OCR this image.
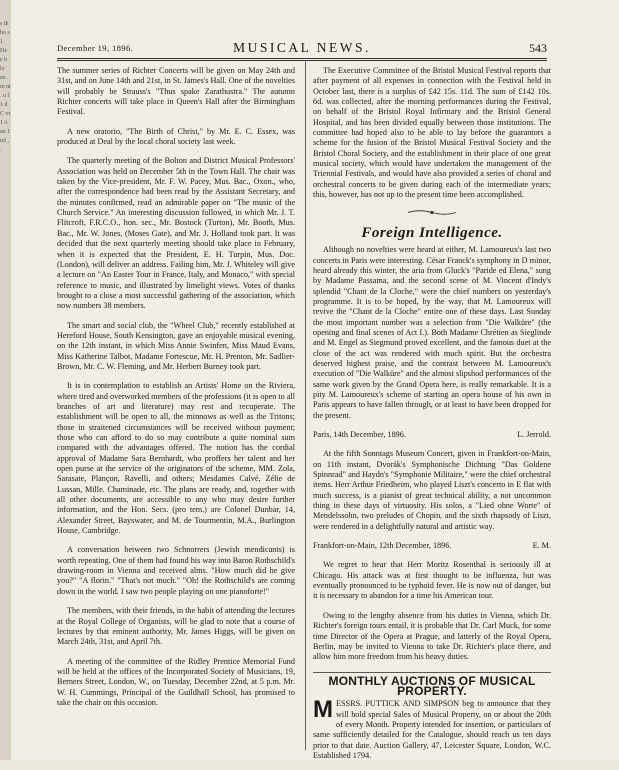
s th ho s 1 De e b lo ne . m nt . u f 1 d C or 1 o an 1 nd , .
December 19, 1896.	MUSICAL NEWS.	543

The summer series of Richter Concerts will be given on May 24th and 31st, and on June 14th and 21st, in St. James's Hall. One of the novelties will probably be Strauss's "Thus spake Zarathustra." The autumn Richter concerts will take place in Queen's Hall after the Birmingham Festival.

A new oratorio, "The Birth of Christ," by Mr. E. C. Essex, was produced at Deal by the local choral society last week.

The quarterly meeting of the Bolton and District Musical Professors' Association was held on December 5th in the Town Hall. The chair was taken by the Vice-president, Mr. F. W. Pacey, Mus. Bac., Oxon., who, after the correspondence had been read by the Assistant Secretary, and the minutes confirmed, read an admirable paper on "The music of the Church Service." An interesting discussion followed, in which Mr. J. T. Flitcroft, F.R.C.O., hon. sec., Mr. Bostock (Turton), Mr. Booth, Mus. Bac., Mr. W. Jones, (Moses Gate), and Mr. J. Holland took part. It was decided that the next quarterly meeting should take place in February, when it is expected that the President, E. H. Turpin, Mus. Doc. (London), will deliver an address. Failing him, Mr. J. Whiteley will give a lecture on "An Easter Tour in France, Italy, and Monaco," with special reference to music, and illustrated by limelight views. Votes of thanks brought to a close a most successful gathering of the association, which now numbers 38 members.

The smart and social club, the "Wheel Club," recently established at Hereford House, South Kensington, gave an enjoyable musical evening, on the 12th instant, in which Miss Annie Swinfen, Miss Maud Evans, Miss Katherine Talbot, Madame Fortescue, Mr. H. Prenton, Mr. Sadlier-Brown, Mr. C. W. Fleming, and Mr. Herbert Burney took part.

It is in contemplation to establish an Artists' Home on the Riviera, where tired and overworked members of the professions (it is open to all branches of art and literature) may rest and recuperate. The establishment will be open to all, the minnows as well as the Tritons; those in straitened circumstances will be received without payment; those who can afford to do so may contribute a quite nominal sum compared with the advantages offered. The notion has the cordial approval of Madame Sara Bernhardt, who proffers her talent and her open purse at the service of the originators of the scheme, MM. Zola, Sarasate, Plançon, Ravelli, and others; Mesdames Calvé, Zélie de Lussan, Mille. Chaminade, etc. The plans are ready, and, together with all other documents, are accessible to any who may desire further information, and the Hon. Secs. (pro tem.) are Colonel Dunbar, 14, Alexander Street, Bayswater, and M. de Tourmentin, M.A., Burlington House, Cambridge.

A conversation between two Schnorrers (Jewish mendicants) is worth repeating. One of them had found his way into Baron Rothschild's drawing-room in Vienna and received alms. "How much did he give you?" "A florin." "That's not much." "Oh! the Rothschild's are coming down in the world. I saw two people playing on one pianoforte!"

The members, with their friends, in the habit of attending the lectures at the Royal College of Organists, will be glad to note that a course of lectures by that eminent authority, Mr. James Higgs, will be given on March 24th, 31st, and April 7th.

A meeting of the committee of the Ridley Prentice Memorial Fund will be held at the offices of the Incorporated Society of Musicians, 19, Berners Street, London, W., on Tuesday, December 22nd, at 5 p.m. Mr. W. H. Cummings, Principal of the Guildhall School, has promised to take the chair on this occasion.

The Executive Committee of the Bristol Musical Festival reports that after payment of all expenses in connection with the Festival held in October last, there is a surplus of £42 15s. 11d. The sum of £142 10s. 6d. was collected, after the morning performances during the Festival, on behalf of the Bristol Royal Infirmary and the Bristol General Hospital, and has been divided equally between those institutions. The committee had hoped also to be able to lay before the guarantors a scheme for the fusion of the Bristol Musical Festival Society and the Bristol Choral Society, and the establishment in their place of one great musical society, which would have undertaken the management of the Triennial Festivals, and would have also provided a series of choral and orchestral concerts to be given during each of the intermediate years; this, however, has not up to the present time been accomplished.

Foreign Intelligence.

Although no novelties were heard at either, M. Lamoureux's last two concerts in Paris were interesting. César Franck's symphony in D minor, heard already this winter, the aria from Gluck's "Paride ed Elena," sung by Madame Passama, and the second scene of M. Vincent d'Indy's splendid "Chant de la Cloche," were the chief numbers on yesterday's programme. It is to be hoped, by the way, that M. Lamoureux will revive the "Chant de la Cloche" entire one of these days. Last Sunday the most important number was a selection from "Die Walküre" (the opening and final scenes of Act I.). Both Madame Chrétien as Sieglinde and M. Engel as Siegmund proved excellent, and the famous duet at the close of the act was rendered with much spirit. But the orchestra deserved highest praise, and the contrast between M. Lamoureux's execution of "Die Walküre" and the almost slipshod performances of the same work given by the Grand Opera here, is really remarkable. It is a pity M. Lamoureux's scheme of starting an opera house of his own in Paris appears to have fallen through, or at least to have been dropped for the present.

Paris, 14th December, 1896.	L. Jerrold.

At the fifth Sonntags Museum Concert, given in Frankfort-on-Main, on 11th instant, Dvorák's Symphonische Dichtung "Das Goldene Spinnrad" and Haydn's "Symphonie Militaire," were the chief orchestral items. Herr Arthur Friedheim, who played Liszt's concerto in E flat with much success, is a pianist of great technical ability, a not uncommon thing in these days of virtuosity. His solos, a "Lied ohne Worte" of Mendelssohn, two preludes of Chopin, and the sixth rhapsody of Liszt, were rendered in a delightfully natural and artistic way.

Frankfort-on-Main, 12th December, 1896.	E. M.

We regret to hear that Herr Moritz Rosenthal is seriously ill at Chicago. His attack was at first thought to be influenza, but was eventually pronounced to be typhoid fever. He is now out of danger, but it is necessary to abandon for a time his American tour.

Owing to the lengthy absence from his duties in Vienna, which Dr. Richter's foreign tours entail, it is probable that Dr. Carl Muck, for some time Director of the Opera at Prague, and latterly of the Royal Opera, Berlin, may be invited to Vienna to take Dr. Richter's place there, and allow him more freedom from his heavy duties.

MONTHLY AUCTIONS OF MUSICAL PROPERTY.

MESSRS. PUTTICK AND SIMPSON beg to announce that they will hold special Sales of Musical Property, on or about the 20th of every Month. Property intended for insertion, or particulars of same sufficiently detailed for the Catalogue, should reach us ten days prior to that date. Auction Gallery, 47, Leicester Square, London, W.C. Established 1794.
